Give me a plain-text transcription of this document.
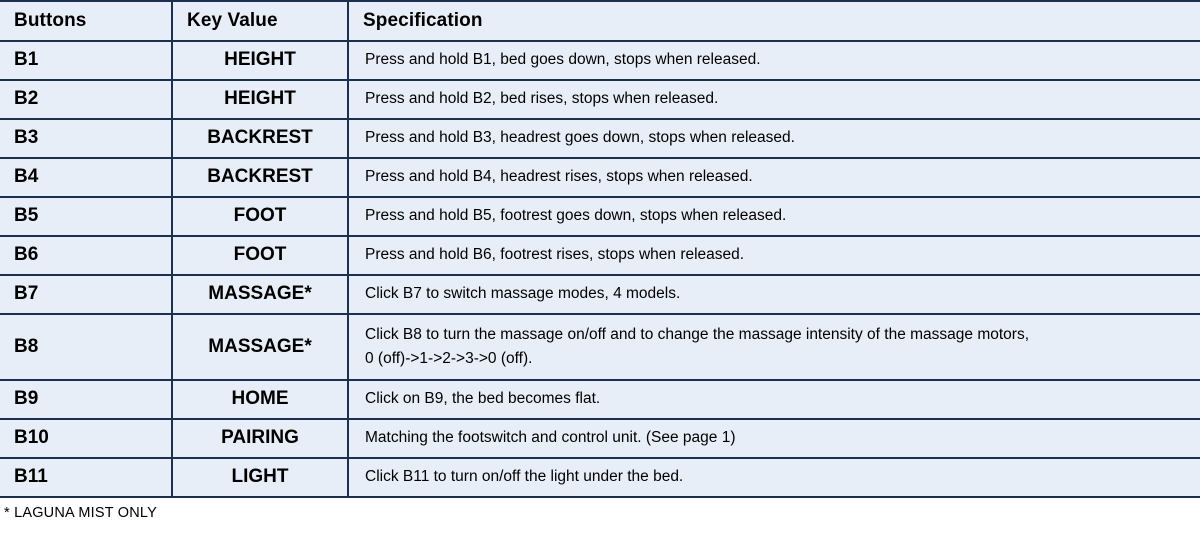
Buttons	Key Value	Specification

B1	HEIGHT	Press and hold B1, bed goes down, stops when released.

B2	HEIGHT	Press and hold B2, bed rises, stops when released.

B3	BACKREST	Press and hold B3, headrest goes down, stops when released.

B4	BACKREST	Press and hold B4, headrest rises, stops when released.

B5	FOOT	Press and hold B5, footrest goes down, stops when released.

B6	FOOT	Press and hold B6, footrest rises, stops when released.

B7	MASSAGE*	Click B7 to switch massage modes, 4 models.

B8	MASSAGE*	Click B8 to turn the massage on/off and to change the massage intensity of the massage motors,
0 (off)->1->2->3->0 (off).

B9	HOME	Click on B9, the bed becomes flat.

B10	PAIRING	Matching the footswitch and control unit. (See page 1)

B11	LIGHT	Click B11 to turn on/off the light under the bed.
* LAGUNA MIST ONLY
